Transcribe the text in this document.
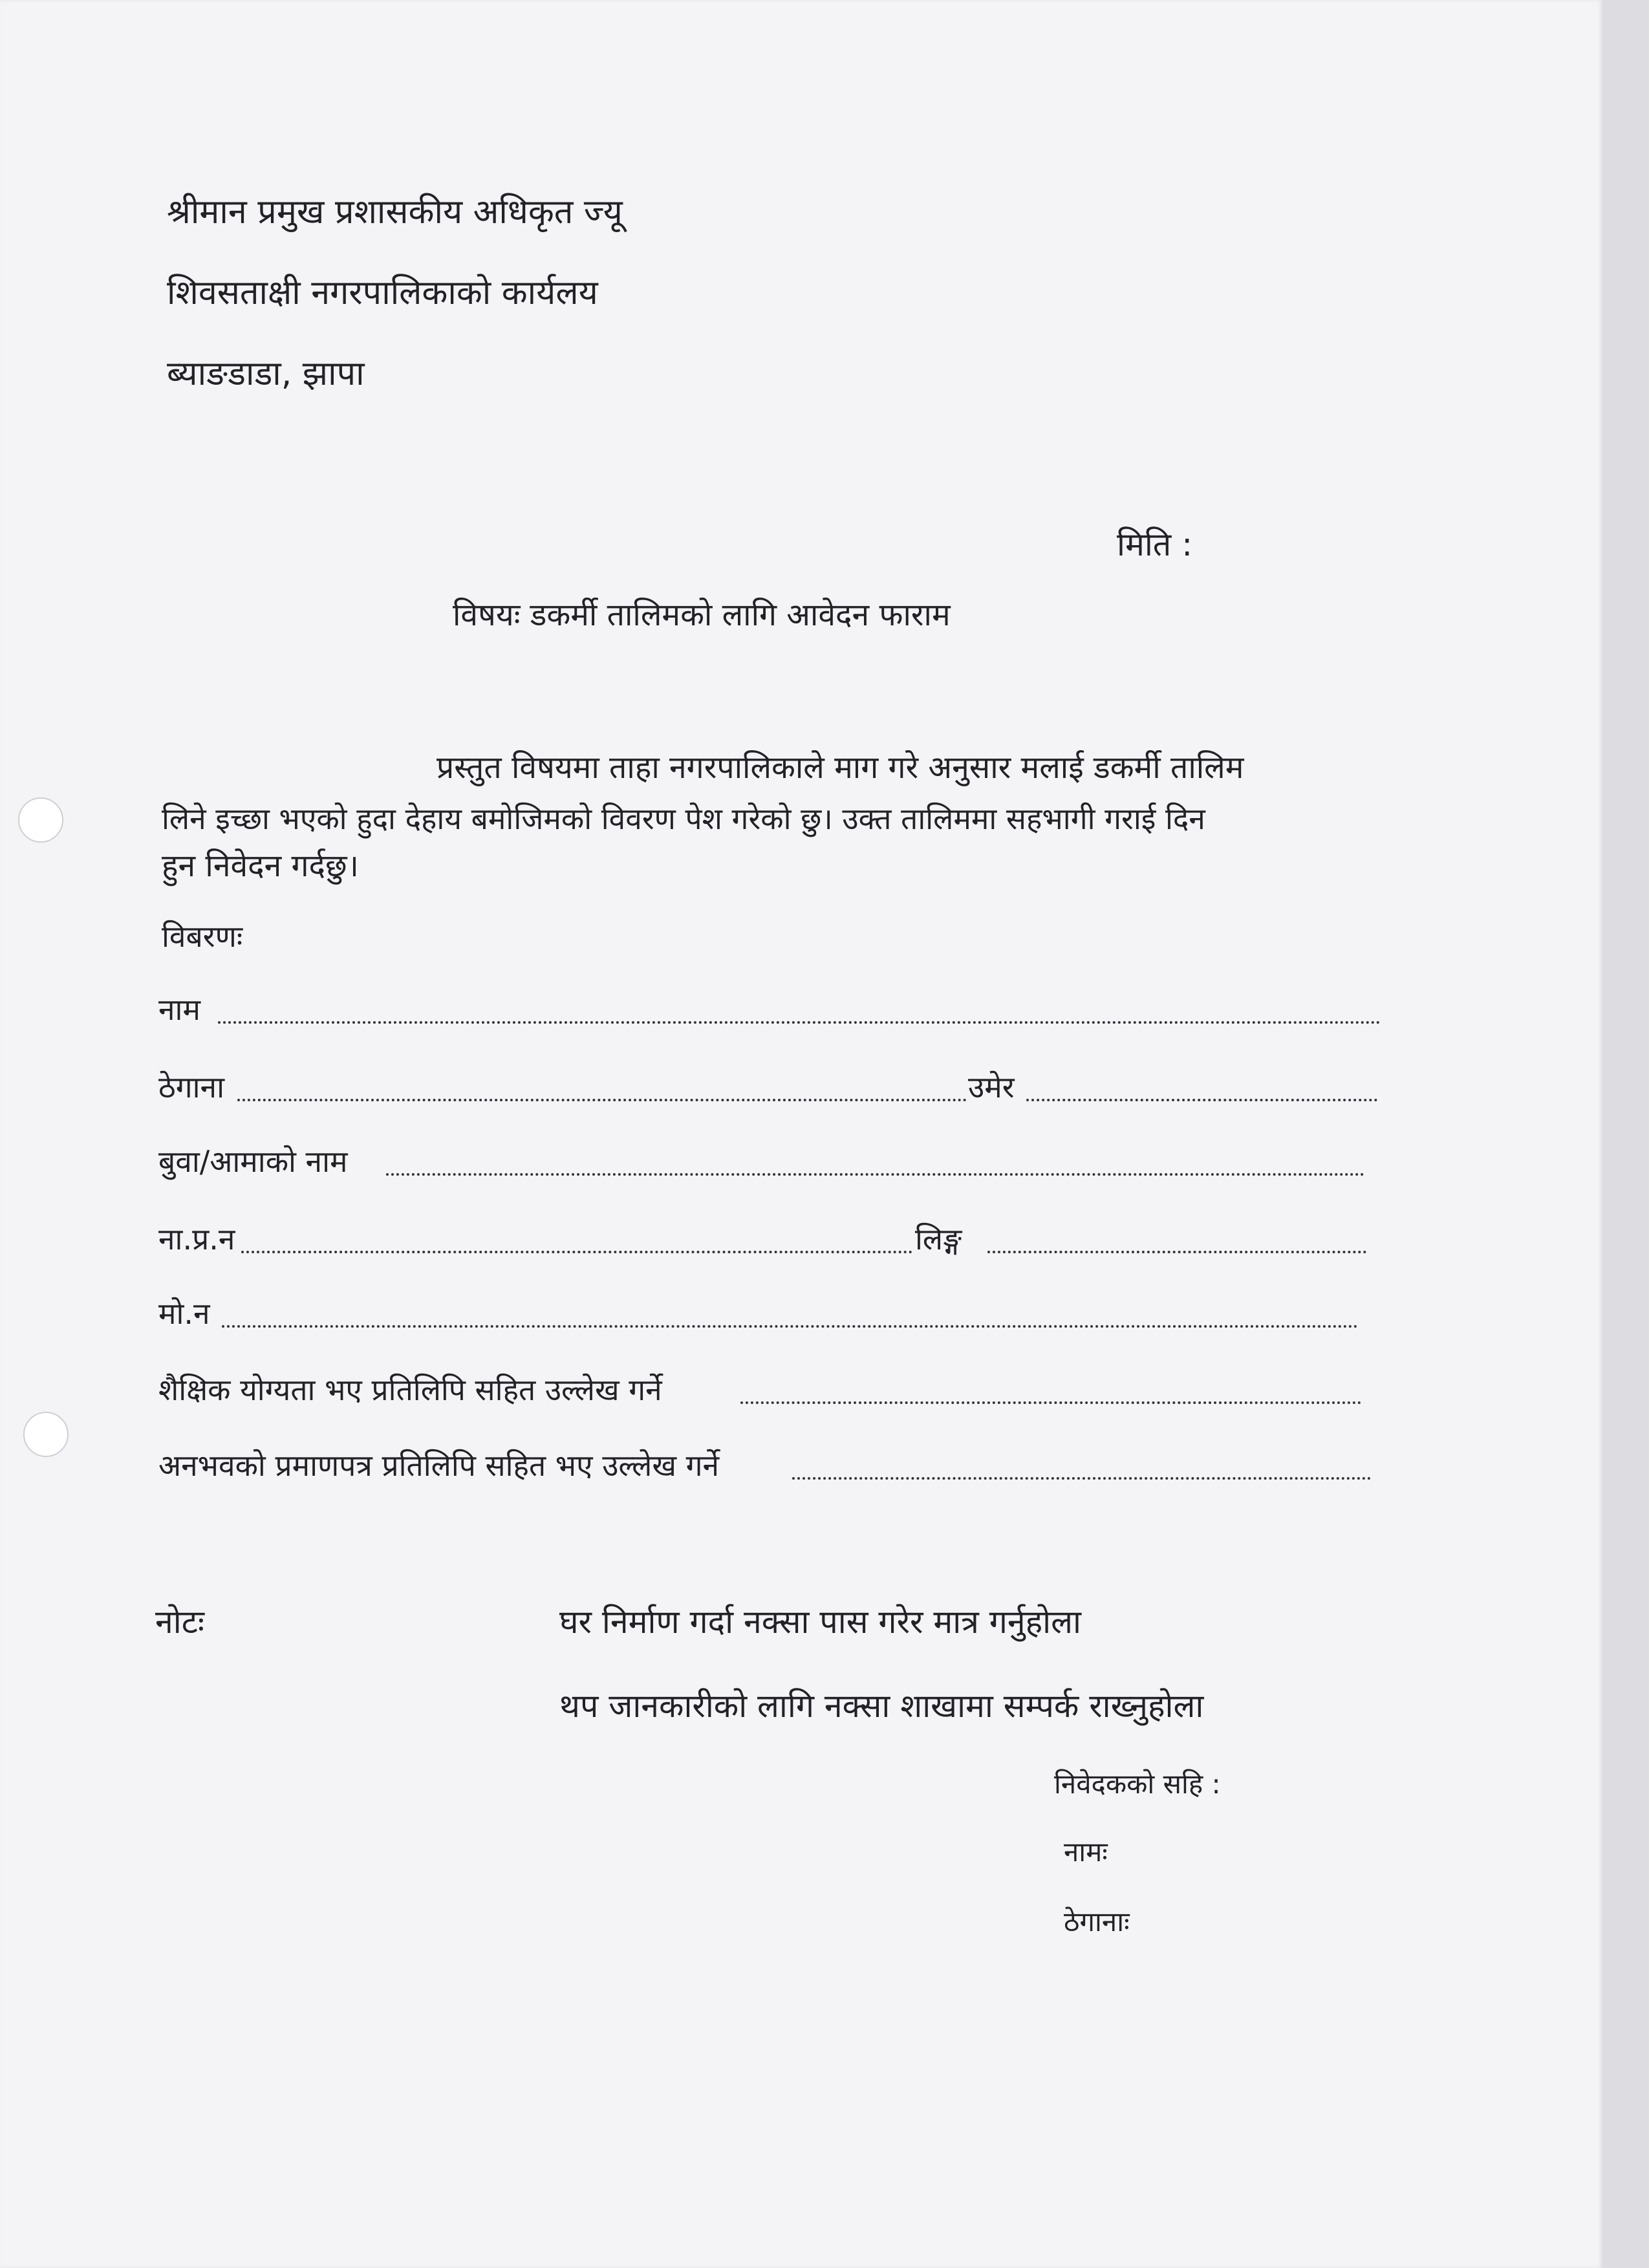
श्रीमान प्रमुख प्रशासकीय अधिकृत ज्यू
शिवसताक्षी नगरपालिकाको कार्यलय
ब्याङडाडा, झापा
मिति :
विषयः डकर्मी तालिमको लागि आवेदन फाराम
प्रस्तुत विषयमा ताहा नगरपालिकाले माग गरे अनुसार मलाई डकर्मी तालिम
लिने इच्छा भएको हुदा देहाय बमोजिमको विवरण पेश गरेको छु। उक्त तालिममा सहभागी गराई दिन
हुन निवेदन गर्दछु।
विबरणः
नाम
ठेगाना	उमेर
बुवा/आमाको नाम
ना.प्र.न	लिङ्ग
मो.न
शैक्षिक योग्यता भए प्रतिलिपि सहित उल्लेख गर्ने
अनभवको प्रमाणपत्र प्रतिलिपि सहित भए उल्लेख गर्ने
नोटः	घर निर्माण गर्दा नक्सा पास गरेर मात्र गर्नुहोला
थप जानकारीको लागि नक्सा शाखामा सम्पर्क राख्नुहोला
निवेदकको सहि :
नामः
ठेगानाः
